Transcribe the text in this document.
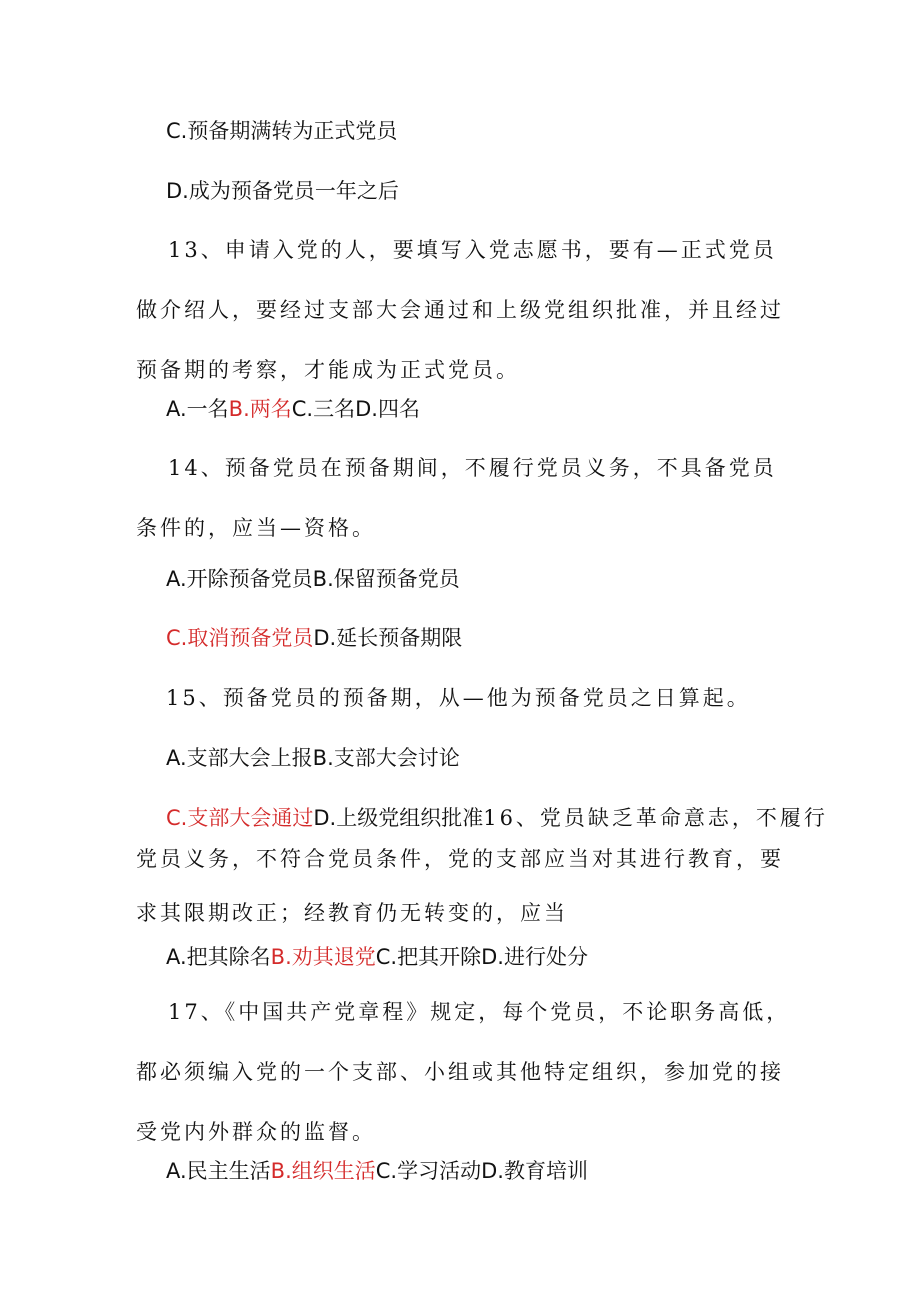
C.预备期满转为正式党员
D.成为预备党员一年之后

13、申请入党的人，要填写入党志愿书，要有—正式党员做介绍人，要经过支部大会通过和上级党组织批准，并且经过预备期的考察，才能成为正式党员。

A.一名B.两名C.三名D.四名

14、预备党员在预备期间，不履行党员义务，不具备党员条件的，应当—资格。

A.开除预备党员B.保留预备党员
C.取消预备党员D.延长预备期限
15、预备党员的预备期，从—他为预备党员之日算起。
A.支部大会上报B.支部大会讨论
C.支部大会通过D.上级党组织批准16、党员缺乏革命意志，不履行

党员义务，不符合党员条件，党的支部应当对其进行教育，要求其限期改正；经教育仍无转变的，应当

A.把其除名B.劝其退党C.把其开除D.进行处分

17、《中国共产党章程》规定，每个党员，不论职务高低，都必须编入党的一个支部、小组或其他特定组织，参加党的接受党内外群众的监督。

A.民主生活B.组织生活C.学习活动D.教育培训
